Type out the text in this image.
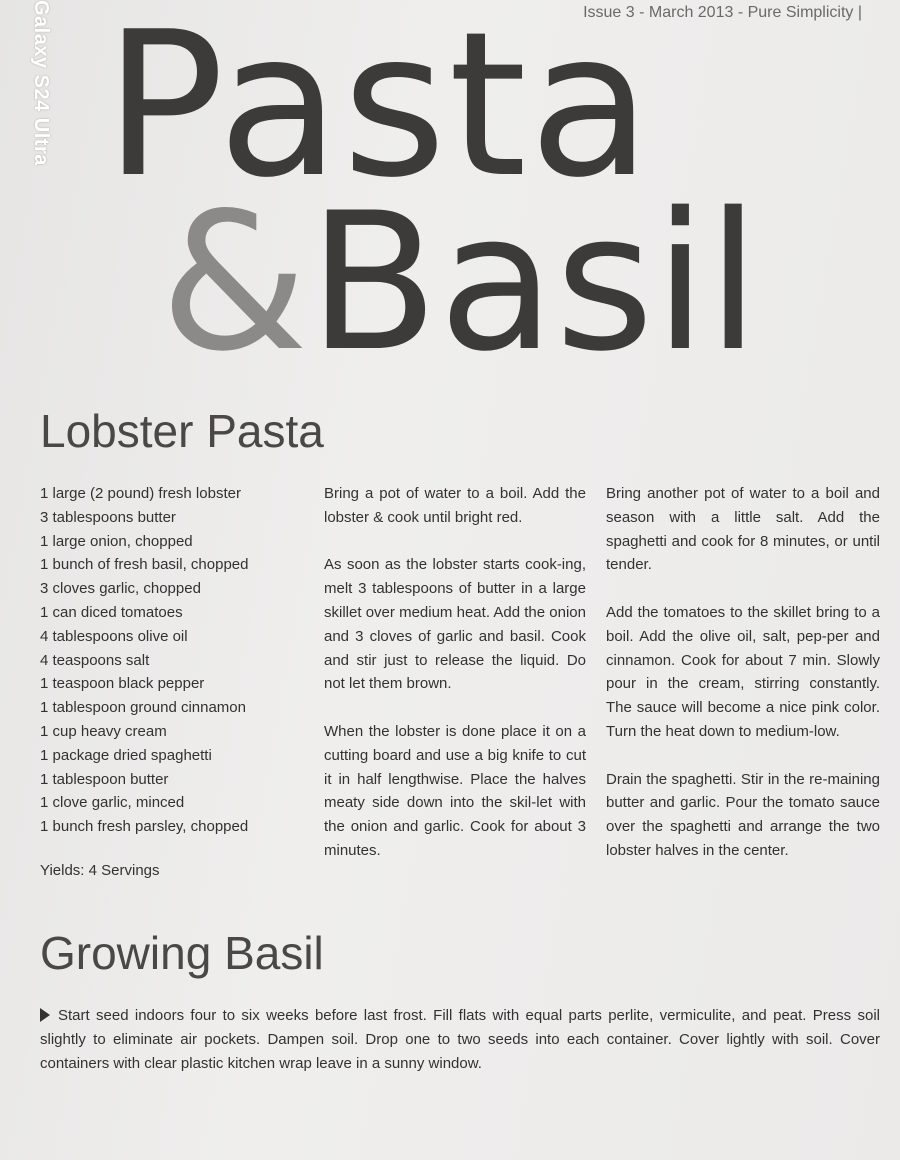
Galaxy S24 Ultra	Issue 3 - March 2013 - Pure Simplicity |
Pasta
&Basil
Lobster Pasta
1 large (2 pound) fresh lobster
3 tablespoons butter
1 large onion, chopped
1 bunch of fresh basil, chopped
3 cloves garlic, chopped
1 can diced tomatoes
4 tablespoons olive oil
4 teaspoons salt
1 teaspoon black pepper
1 tablespoon ground cinnamon
1 cup heavy cream
1 package dried spaghetti
1 tablespoon butter
1 clove garlic, minced
1 bunch fresh parsley, chopped
Yields: 4 Servings

Bring a pot of water to a boil. Add the lobster & cook until bright red.

As soon as the lobster starts cook-ing, melt 3 tablespoons of butter in a large skillet over medium heat. Add the onion and 3 cloves of garlic and basil. Cook and stir just to release the liquid. Do not let them brown.

When the lobster is done place it on a cutting board and use a big knife to cut it in half lengthwise. Place the halves meaty side down into the skil-let with the onion and garlic. Cook for about 3 minutes.

Bring another pot of water to a boil and season with a little salt. Add the spaghetti and cook for 8 minutes, or until tender.

Add the tomatoes to the skillet bring to a boil. Add the olive oil, salt, pep-per and cinnamon. Cook for about 7 min. Slowly pour in the cream, stirring constantly. The sauce will become a nice pink color. Turn the heat down to medium-low.

Drain the spaghetti. Stir in the re-maining butter and garlic. Pour the tomato sauce over the spaghetti and arrange the two lobster halves in the center.

Growing Basil

Start seed indoors four to six weeks before last frost. Fill flats with equal parts perlite, vermiculite, and peat. Press soil slightly to eliminate air pockets. Dampen soil. Drop one to two seeds into each container. Cover lightly with soil. Cover containers with clear plastic kitchen wrap leave in a sunny window.
